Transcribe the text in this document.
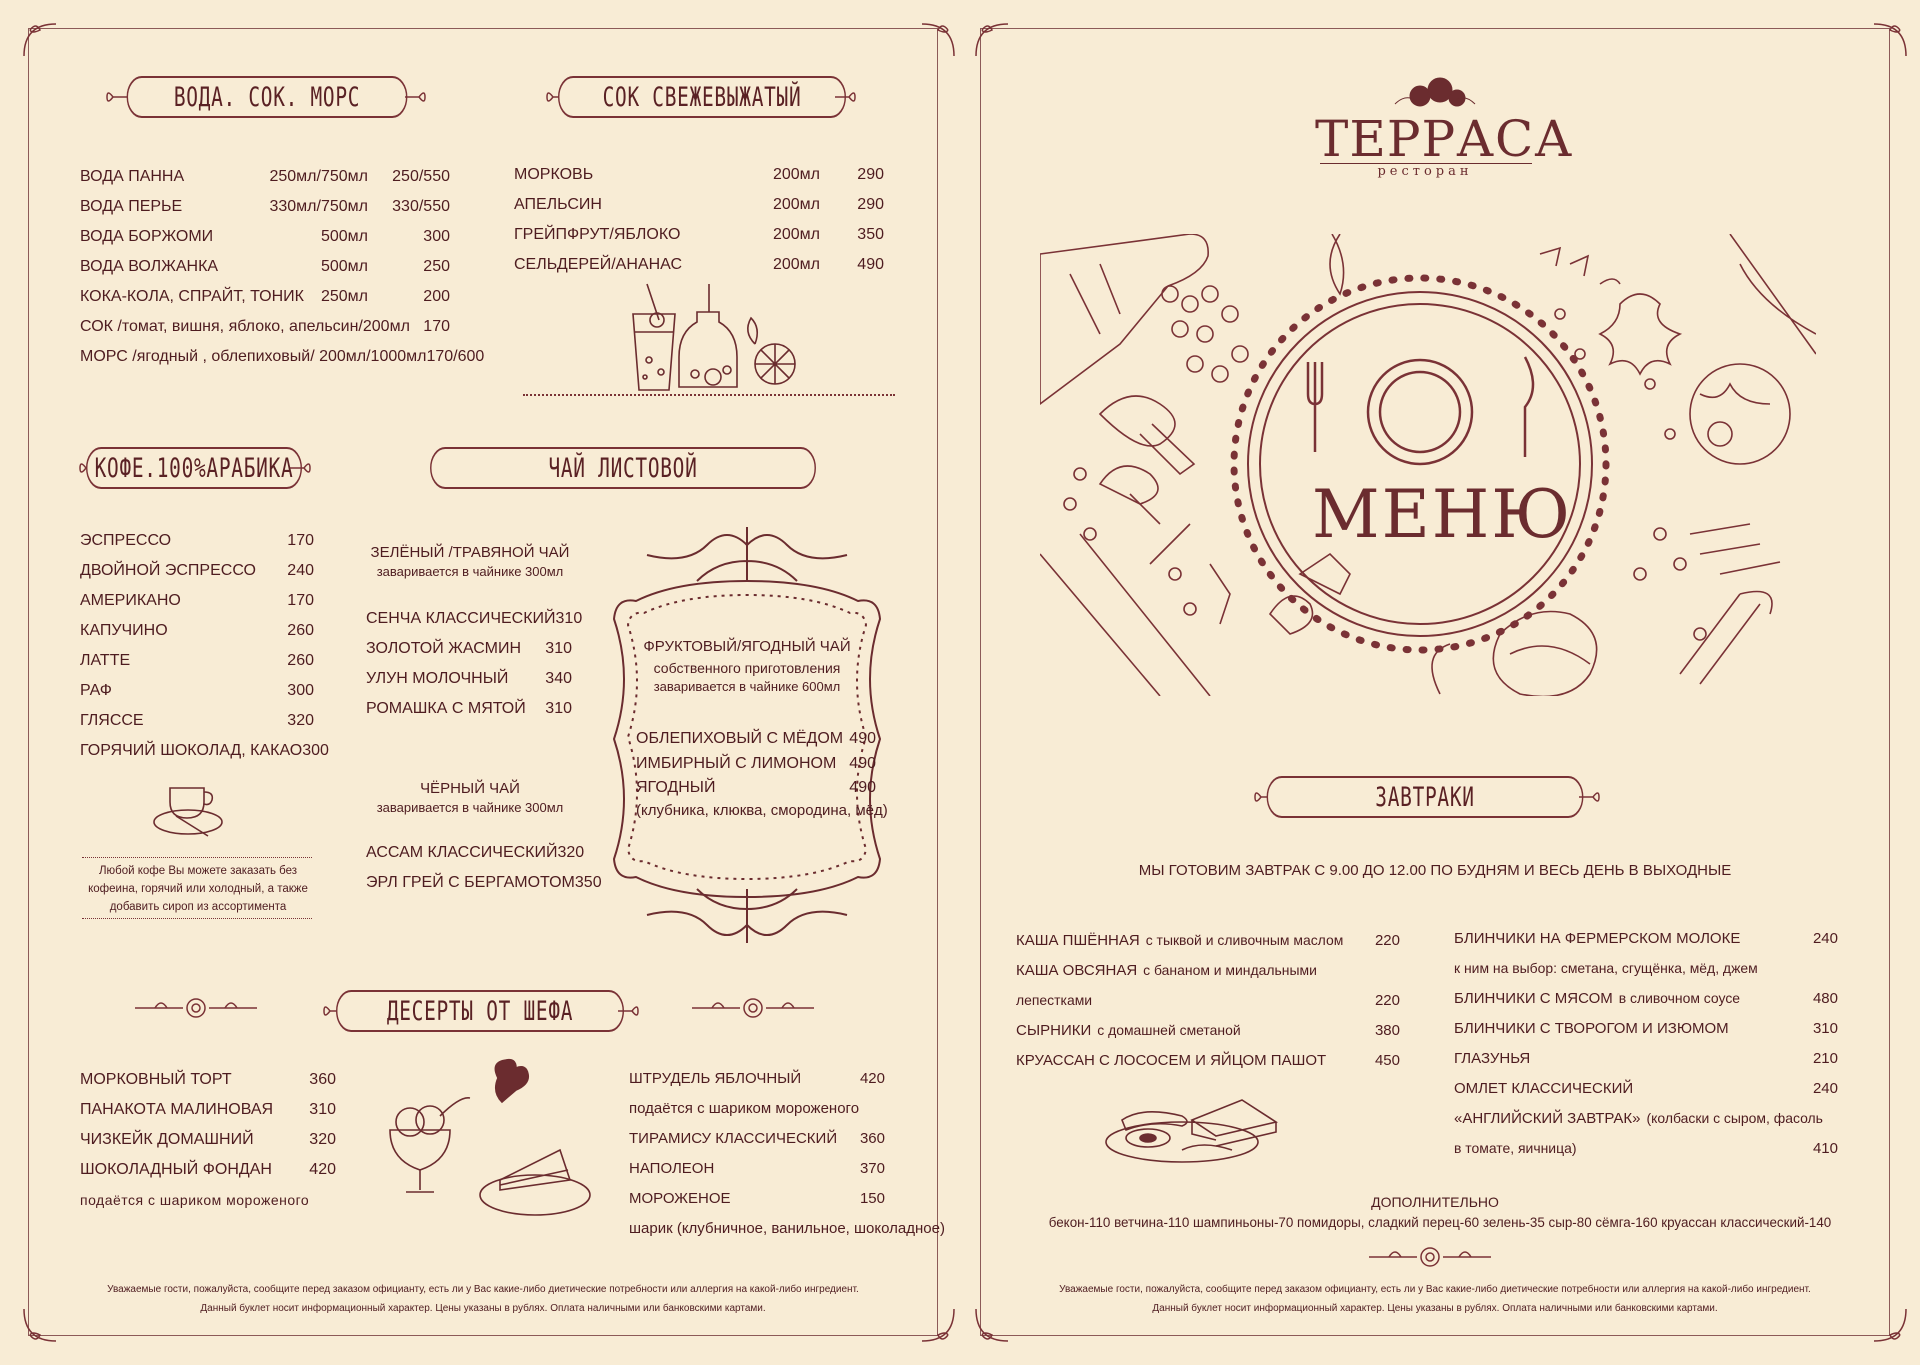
ВОДА. СОК. МОРС
ВОДА ПАННА	250мл/750мл	250/550
ВОДА ПЕРЬЕ	330мл/750мл	330/550
ВОДА БОРЖОМИ	500мл	300
ВОДА ВОЛЖАНКА	500мл	250
КОКА-КОЛА, СПРАЙТ, ТОНИК 250мл	200
СОК /томат, вишня, яблоко, апельсин/ 200мл 170
МОРС /ягодный , облепиховый/ 200мл/1000мл 170/600
СОК СВЕЖЕВЫЖАТЫЙ
МОРКОВЬ	200мл	290
АПЕЛЬСИН	200мл	290
ГРЕЙПФРУТ/ЯБЛОКО	200мл	350
СЕЛЬДЕРЕЙ/АНАНАС	200мл	490
КОФЕ.100%АРАБИКА
ЭСПРЕССО	170
ДВОЙНОЙ ЭСПРЕССО 240
АМЕРИКАНО	170
КАПУЧИНО	260
ЛАТТЕ	260
РАФ	300
ГЛЯССЕ	320
ГОРЯЧИЙ ШОКОЛАД, КАКАО 300
Любой кофе Вы можете заказать без
кофеина, горячий или холодный, а также
добавить сироп из ассортимента
ЧАЙ ЛИСТОВОЙ
ЗЕЛЁНЫЙ /ТРАВЯНОЙ ЧАЙ
заваривается в чайнике 300мл
СЕНЧА КЛАССИЧЕСКИЙ 310
ЗОЛОТОЙ ЖАСМИН 310
УЛУН МОЛОЧНЫЙ 340
РОМАШКА С МЯТОЙ 310
ЧЁРНЫЙ ЧАЙ
заваривается в чайнике 300мл
АССАМ КЛАССИЧЕСКИЙ 320
ЭРЛ ГРЕЙ С БЕРГАМОТОМ 350
ФРУКТОВЫЙ/ЯГОДНЫЙ ЧАЙ
собственного приготовления
заваривается в чайнике 600мл
ОБЛЕПИХОВЫЙ С МЁДОМ 490
ИМБИРНЫЙ С ЛИМОНОМ 490
ЯГОДНЫЙ	490
(клубника, клюква, смородина, мёд)
ДЕСЕРТЫ ОТ ШЕФА
МОРКОВНЫЙ ТОРТ	360
ПАНАКОТА МАЛИНОВАЯ 310
ЧИЗКЕЙК ДОМАШНИЙ	320
ШОКОЛАДНЫЙ ФОНДАН 420
подаётся с шариком мороженого
ШТРУДЕЛЬ ЯБЛОЧНЫЙ	420
подаётся с шариком мороженого
ТИРАМИСУ КЛАССИЧЕСКИЙ 360
НАПОЛЕОН	370
МОРОЖЕНОЕ	150
шарик (клубничное, ванильное, шоколадное)
Уважаемые гости, пожалуйста, сообщите перед заказом официанту, есть ли у Вас какие-либо диетические потребности или аллергия на какой-либо ингредиент.
Данный буклет носит информационный характер. Цены указаны в рублях. Оплата наличными или банковскими картами.
ТЕРРАСА
ресторан
МЕНЮ
ЗАВТРАКИ
МЫ ГОТОВИМ ЗАВТРАК С 9.00 ДО 12.00 ПО БУДНЯМ И ВЕСЬ ДЕНЬ В ВЫХОДНЫЕ
КАША ПШЁННАЯ с тыквой и сливочным маслом 220
КАША ОВСЯНАЯ с бананом и миндальными
лепестками	220
СЫРНИКИ с домашней сметаной	380
КРУАССАН С ЛОСОСЕМ И ЯЙЦОМ ПАШОТ	450
БЛИНЧИКИ НА ФЕРМЕРСКОМ МОЛОКЕ	240
к ним на выбор: сметана, сгущёнка, мёд, джем
БЛИНЧИКИ С МЯСОМ в сливочном соусе	480
БЛИНЧИКИ С ТВОРОГОМ И ИЗЮМОМ	310
ГЛАЗУНЬЯ	210
ОМЛЕТ КЛАССИЧЕСКИЙ	240
«АНГЛИЙСКИЙ ЗАВТРАК» (колбаски с сыром, фасоль
в томате, яичница)	410
ДОПОЛНИТЕЛЬНО
бекон-110 ветчина-110 шампиньоны-70 помидоры, сладкий перец-60 зелень-35 сыр-80 сёмга-160 круассан классический-140
Уважаемые гости, пожалуйста, сообщите перед заказом официанту, есть ли у Вас какие-либо диетические потребности или аллергия на какой-либо ингредиент.
Данный буклет носит информационный характер. Цены указаны в рублях. Оплата наличными или банковскими картами.
